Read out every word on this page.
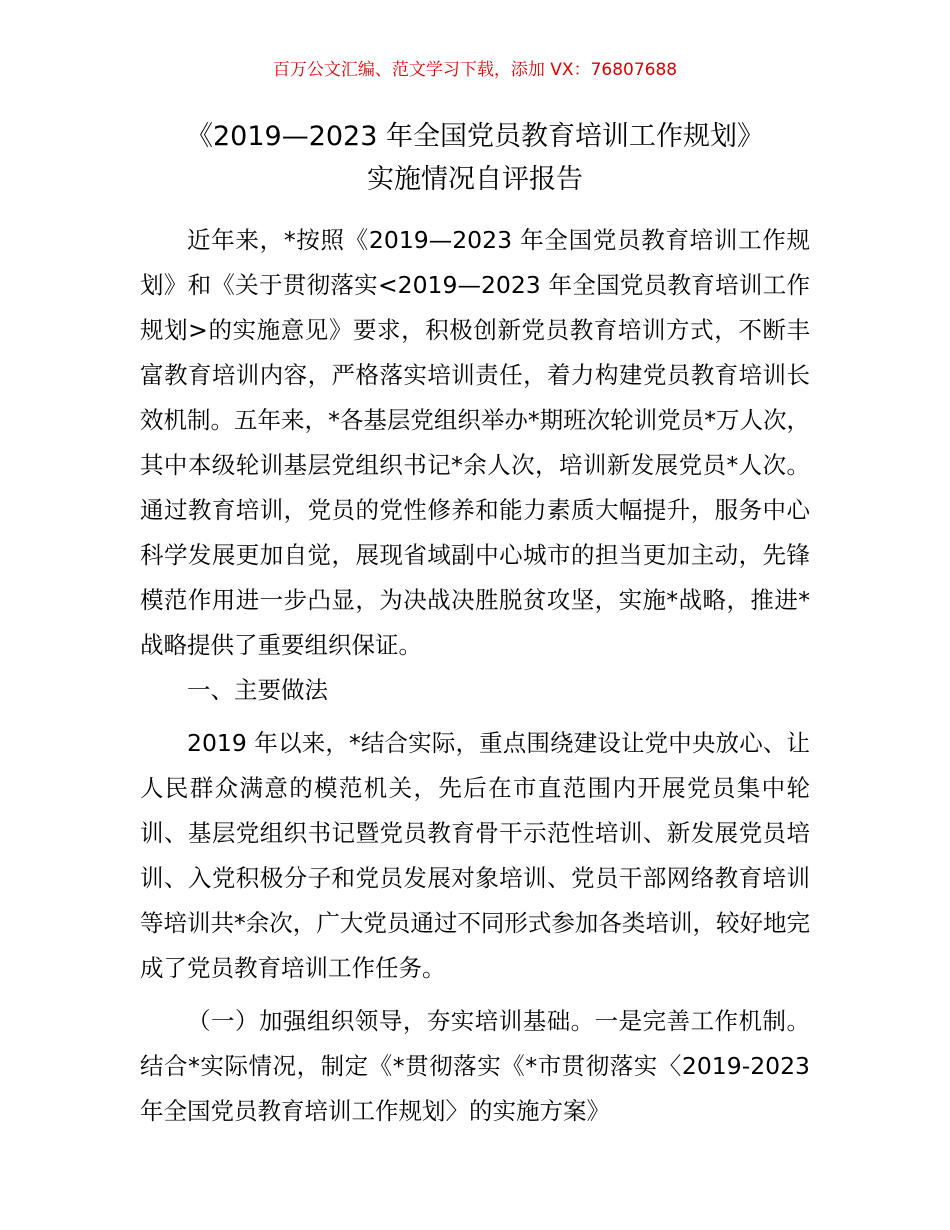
百万公文汇编、范文学习下载，添加 VX：76807688
《2019—2023 年全国党员教育培训工作规划》
实施情况自评报告

近年来，*按照《2019—2023 年全国党员教育培训工作规划》和《关于贯彻落实<2019—2023 年全国党员教育培训工作规划>的实施意见》要求，积极创新党员教育培训方式，不断丰富教育培训内容，严格落实培训责任，着力构建党员教育培训长效机制。五年来，*各基层党组织举办*期班次轮训党员*万人次，其中本级轮训基层党组织书记*余人次，培训新发展党员*人次。通过教育培训，党员的党性修养和能力素质大幅提升，服务中心科学发展更加自觉，展现省域副中心城市的担当更加主动，先锋模范作用进一步凸显，为决战决胜脱贫攻坚，实施*战略，推进*战略提供了重要组织保证。

一、主要做法

2019 年以来，*结合实际，重点围绕建设让党中央放心、让人民群众满意的模范机关，先后在市直范围内开展党员集中轮训、基层党组织书记暨党员教育骨干示范性培训、新发展党员培训、入党积极分子和党员发展对象培训、党员干部网络教育培训等培训共*余次，广大党员通过不同形式参加各类培训，较好地完成了党员教育培训工作任务。

（一）加强组织领导，夯实培训基础。一是完善工作机制。结合*实际情况，制定《*贯彻落实《*市贯彻落实〈2019-2023 年全国党员教育培训工作规划〉的实施方案》
